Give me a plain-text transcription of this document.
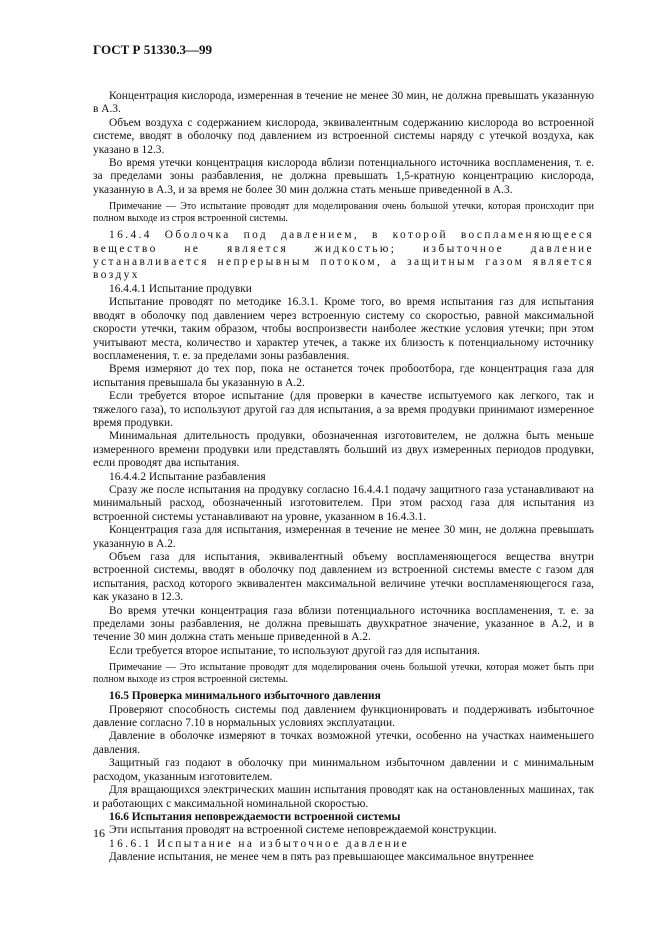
ГОСТ Р 51330.3—99

Концентрация кислорода, измеренная в течение не менее 30 мин, не должна превышать указанную в А.3.

Объем воздуха с содержанием кислорода, эквивалентным содержанию кислорода во встроенной системе, вводят в оболочку под давлением из встроенной системы наряду с утечкой воздуха, как указано в 12.3.

Во время утечки концентрация кислорода вблизи потенциального источника воспламенения, т. е. за пределами зоны разбавления, не должна превышать 1,5-кратную концентрацию кислорода, указанную в А.3, и за время не более 30 мин должна стать меньше приведенной в А.3.

Примечание — Это испытание проводят для моделирования очень большой утечки, которая происходит при полном выходе из строя встроенной системы.

16.4.4 Оболочка под давлением, в которой воспламеняющееся вещество не является жидкостью; избыточное давление устанавливается непрерывным потоком, а защитным газом является воздух

16.4.4.1 Испытание продувки

Испытание проводят по методике 16.3.1. Кроме того, во время испытания газ для испытания вводят в оболочку под давлением через встроенную систему со скоростью, равной максимальной скорости утечки, таким образом, чтобы воспроизвести наиболее жесткие условия утечки; при этом учитывают места, количество и характер утечек, а также их близость к потенциальному источнику воспламенения, т. е. за пределами зоны разбавления.

Время измеряют до тех пор, пока не останется точек пробоотбора, где концентрация газа для испытания превышала бы указанную в А.2.

Если требуется второе испытание (для проверки в качестве испытуемого как легкого, так и тяжелого газа), то используют другой газ для испытания, а за время продувки принимают измеренное время продувки.

Минимальная длительность продувки, обозначенная изготовителем, не должна быть меньше измеренного времени продувки или представлять больший из двух измеренных периодов продувки, если проводят два испытания.

16.4.4.2 Испытание разбавления

Сразу же после испытания на продувку согласно 16.4.4.1 подачу защитного газа устанавливают на минимальный расход, обозначенный изготовителем. При этом расход газа для испытания из встроенной системы устанавливают на уровне, указанном в 16.4.3.1.

Концентрация газа для испытания, измеренная в течение не менее 30 мин, не должна превышать указанную в А.2.

Объем газа для испытания, эквивалентный объему воспламеняющегося вещества внутри встроенной системы, вводят в оболочку под давлением из встроенной системы вместе с газом для испытания, расход которого эквивалентен максимальной величине утечки воспламеняющегося газа, как указано в 12.3.

Во время утечки концентрация газа вблизи потенциального источника воспламенения, т. е. за пределами зоны разбавления, не должна превышать двухкратное значение, указанное в А.2, и в течение 30 мин должна стать меньше приведенной в А.2.

Если требуется второе испытание, то используют другой газ для испытания.

Примечание — Это испытание проводят для моделирования очень большой утечки, которая может быть при полном выходе из строя встроенной системы.

16.5 Проверка минимального избыточного давления

Проверяют способность системы под давлением функционировать и поддерживать избыточное давление согласно 7.10 в нормальных условиях эксплуатации.

Давление в оболочке измеряют в точках возможной утечки, особенно на участках наименьшего давления.

Защитный газ подают в оболочку при минимальном избыточном давлении и с минимальным расходом, указанным изготовителем.

Для вращающихся электрических машин испытания проводят как на остановленных машинах, так и работающих с максимальной номинальной скоростью.

16.6 Испытания неповреждаемости встроенной системы

Эти испытания проводят на встроенной системе неповреждаемой конструкции.

16.6.1 Испытание на избыточное давление

Давление испытания, не менее чем в пять раз превышающее максимальное внутреннее

16
